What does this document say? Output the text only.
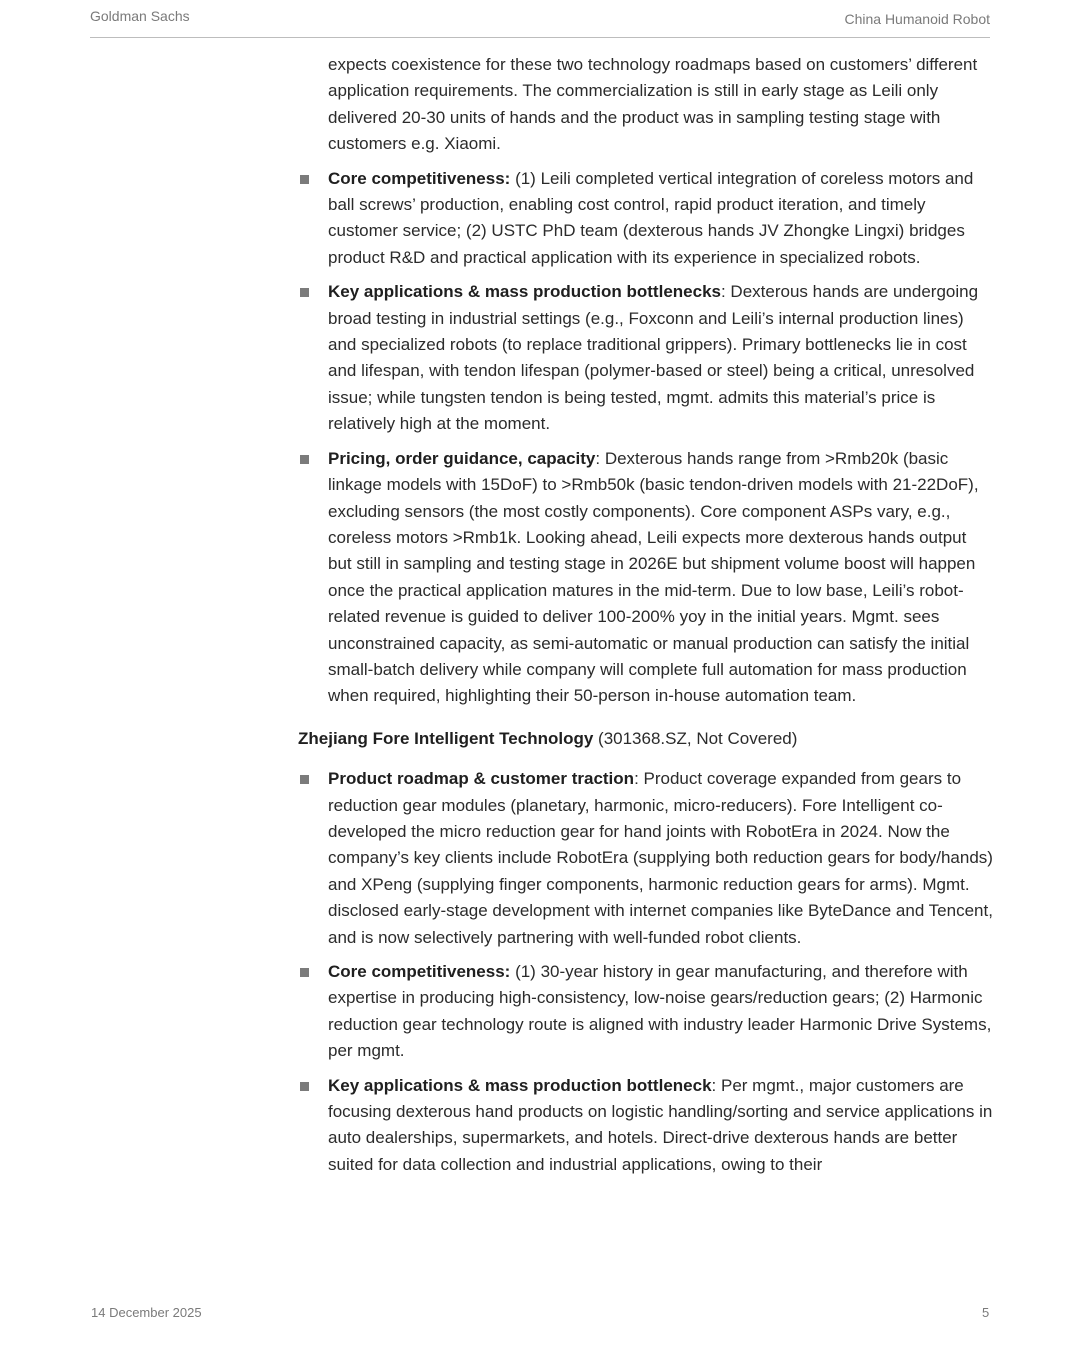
Goldman Sachs	China Humanoid Robot

expects coexistence for these two technology roadmaps based on customers’ different application requirements. The commercialization is still in early stage as Leili only delivered 20-30 units of hands and the product was in sampling testing stage with customers e.g. Xiaomi.

Core competitiveness: (1) Leili completed vertical integration of coreless motors and ball screws’ production, enabling cost control, rapid product iteration, and timely customer service; (2) USTC PhD team (dexterous hands JV Zhongke Lingxi) bridges product R&D and practical application with its experience in specialized robots.
Key applications & mass production bottlenecks: Dexterous hands are undergoing broad testing in industrial settings (e.g., Foxconn and Leili’s internal production lines) and specialized robots (to replace traditional grippers). Primary bottlenecks lie in cost and lifespan, with tendon lifespan (polymer-based or steel) being a critical, unresolved issue; while tungsten tendon is being tested, mgmt. admits this material’s price is relatively high at the moment.
Pricing, order guidance, capacity: Dexterous hands range from >Rmb20k (basic linkage models with 15DoF) to >Rmb50k (basic tendon-driven models with 21-22DoF), excluding sensors (the most costly components). Core component ASPs vary, e.g., coreless motors >Rmb1k. Looking ahead, Leili expects more dexterous hands output but still in sampling and testing stage in 2026E but shipment volume boost will happen once the practical application matures in the mid-term. Due to low base, Leili’s robot-related revenue is guided to deliver 100-200% yoy in the initial years. Mgmt. sees unconstrained capacity, as semi-automatic or manual production can satisfy the initial small-batch delivery while company will complete full automation for mass production when required, highlighting their 50-person in-house automation team.

Zhejiang Fore Intelligent Technology (301368.SZ, Not Covered)

Product roadmap & customer traction: Product coverage expanded from gears to reduction gear modules (planetary, harmonic, micro-reducers). Fore Intelligent co-developed the micro reduction gear for hand joints with RobotEra in 2024. Now the company’s key clients include RobotEra (supplying both reduction gears for body/hands) and XPeng (supplying finger components, harmonic reduction gears for arms). Mgmt. disclosed early-stage development with internet companies like ByteDance and Tencent, and is now selectively partnering with well-funded robot clients.
Core competitiveness: (1) 30-year history in gear manufacturing, and therefore with expertise in producing high-consistency, low-noise gears/reduction gears; (2) Harmonic reduction gear technology route is aligned with industry leader Harmonic Drive Systems, per mgmt.
Key applications & mass production bottleneck: Per mgmt., major customers are focusing dexterous hand products on logistic handling/sorting and service applications in auto dealerships, supermarkets, and hotels. Direct-drive dexterous hands are better suited for data collection and industrial applications, owing to their
14 December 2025	5
